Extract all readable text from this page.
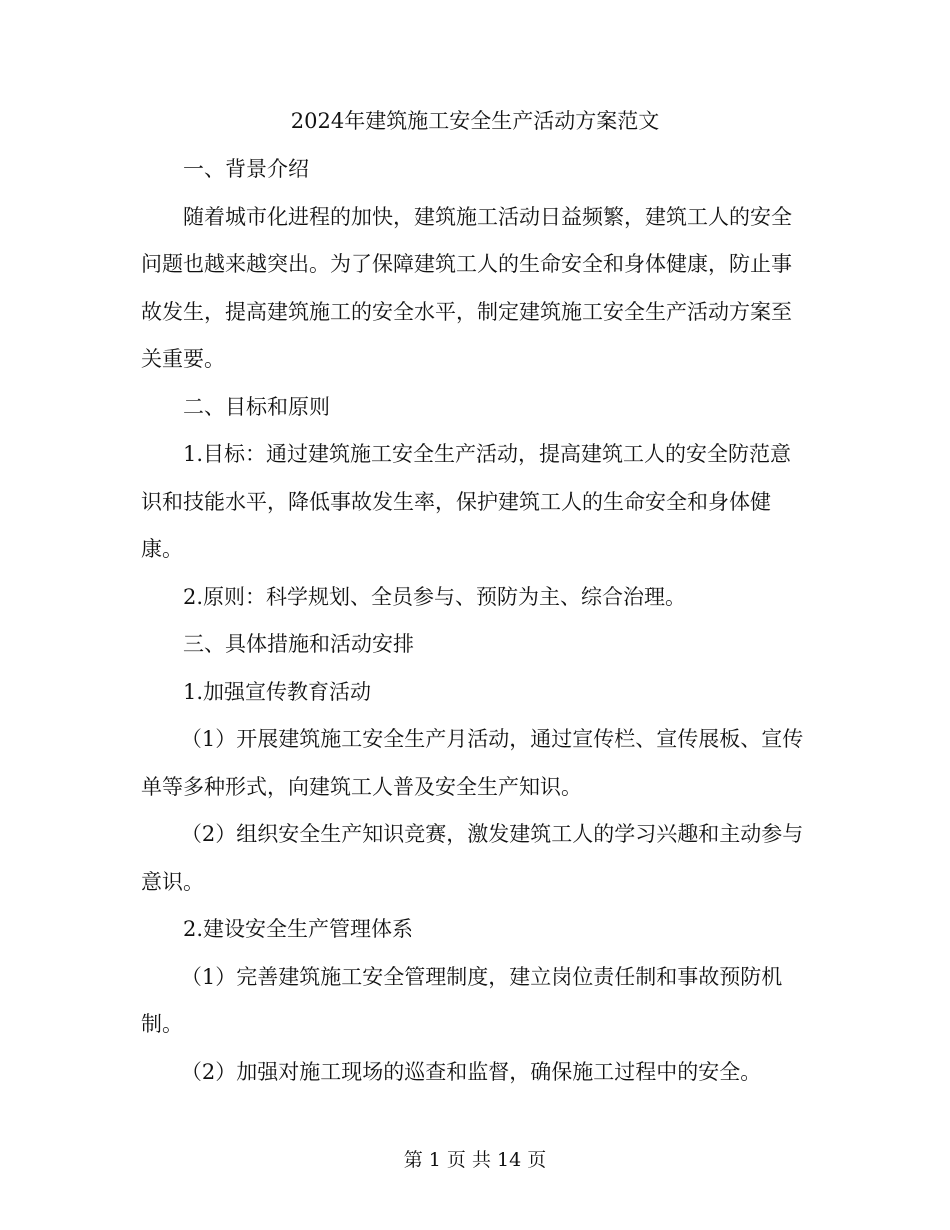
2024年建筑施工安全生产活动方案范文

一、背景介绍

随着城市化进程的加快，建筑施工活动日益频繁，建筑工人的安全问题也越来越突出。为了保障建筑工人的生命安全和身体健康，防止事故发生，提高建筑施工的安全水平，制定建筑施工安全生产活动方案至关重要。

二、目标和原则

1.目标：通过建筑施工安全生产活动，提高建筑工人的安全防范意识和技能水平，降低事故发生率，保护建筑工人的生命安全和身体健康。

2.原则：科学规划、全员参与、预防为主、综合治理。

三、具体措施和活动安排

1.加强宣传教育活动

（1）开展建筑施工安全生产月活动，通过宣传栏、宣传展板、宣传单等多种形式，向建筑工人普及安全生产知识。

（2）组织安全生产知识竞赛，激发建筑工人的学习兴趣和主动参与意识。

2.建设安全生产管理体系

（1）完善建筑施工安全管理制度，建立岗位责任制和事故预防机制。

（2）加强对施工现场的巡查和监督，确保施工过程中的安全。

第 1 页 共 14 页
